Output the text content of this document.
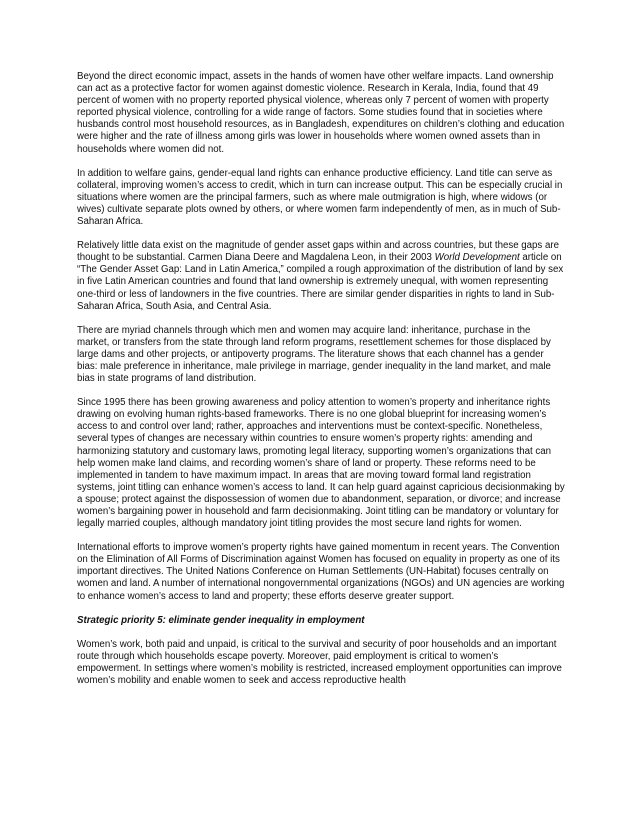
Beyond the direct economic impact, assets in the hands of women have other welfare impacts. Land ownership can act as a protective factor for women against domestic violence. Research in Kerala, India, found that 49 percent of women with no property reported physical violence, whereas only 7 percent of women with property reported physical violence, controlling for a wide range of factors. Some studies found that in societies where husbands control most household resources, as in Bangladesh, expenditures on children’s clothing and education were higher and the rate of illness among girls was lower in households where women owned assets than in households where women did not.

In addition to welfare gains, gender-equal land rights can enhance productive efficiency. Land title can serve as collateral, improving women’s access to credit, which in turn can increase output. This can be especially crucial in situations where women are the principal farmers, such as where male outmigration is high, where widows (or wives) cultivate separate plots owned by others, or where women farm independently of men, as in much of Sub-Saharan Africa.

Relatively little data exist on the magnitude of gender asset gaps within and across countries, but these gaps are thought to be substantial. Carmen Diana Deere and Magdalena Leon, in their 2003 World Development article on “The Gender Asset Gap: Land in Latin America,” compiled a rough approximation of the distribution of land by sex in five Latin American countries and found that land ownership is extremely unequal, with women representing one-third or less of landowners in the five countries. There are similar gender disparities in rights to land in Sub-Saharan Africa, South Asia, and Central Asia.

There are myriad channels through which men and women may acquire land: inheritance, purchase in the market, or transfers from the state through land reform programs, resettlement schemes for those displaced by large dams and other projects, or antipoverty programs. The literature shows that each channel has a gender bias: male preference in inheritance, male privilege in marriage, gender inequality in the land market, and male bias in state programs of land distribution.

Since 1995 there has been growing awareness and policy attention to women’s property and inheritance rights drawing on evolving human rights-based frameworks. There is no one global blueprint for increasing women’s access to and control over land; rather, approaches and interventions must be context-specific. Nonetheless, several types of changes are necessary within countries to ensure women’s property rights: amending and harmonizing statutory and customary laws, promoting legal literacy, supporting women’s organizations that can help women make land claims, and recording women’s share of land or property. These reforms need to be implemented in tandem to have maximum impact. In areas that are moving toward formal land registration systems, joint titling can enhance women’s access to land. It can help guard against capricious decisionmaking by a spouse; protect against the dispossession of women due to abandonment, separation, or divorce; and increase women’s bargaining power in household and farm decisionmaking. Joint titling can be mandatory or voluntary for legally married couples, although mandatory joint titling provides the most secure land rights for women.

International efforts to improve women’s property rights have gained momentum in recent years. The Convention on the Elimination of All Forms of Discrimination against Women has focused on equality in property as one of its important directives. The United Nations Conference on Human Settlements (UN-Habitat) focuses centrally on women and land. A number of international nongovernmental organizations (NGOs) and UN agencies are working to enhance women’s access to land and property; these efforts deserve greater support.

Strategic priority 5: eliminate gender inequality in employment

Women’s work, both paid and unpaid, is critical to the survival and security of poor households and an important route through which households escape poverty. Moreover, paid employment is critical to women’s empowerment. In settings where women’s mobility is restricted, increased employment opportunities can improve women’s mobility and enable women to seek and access reproductive health
